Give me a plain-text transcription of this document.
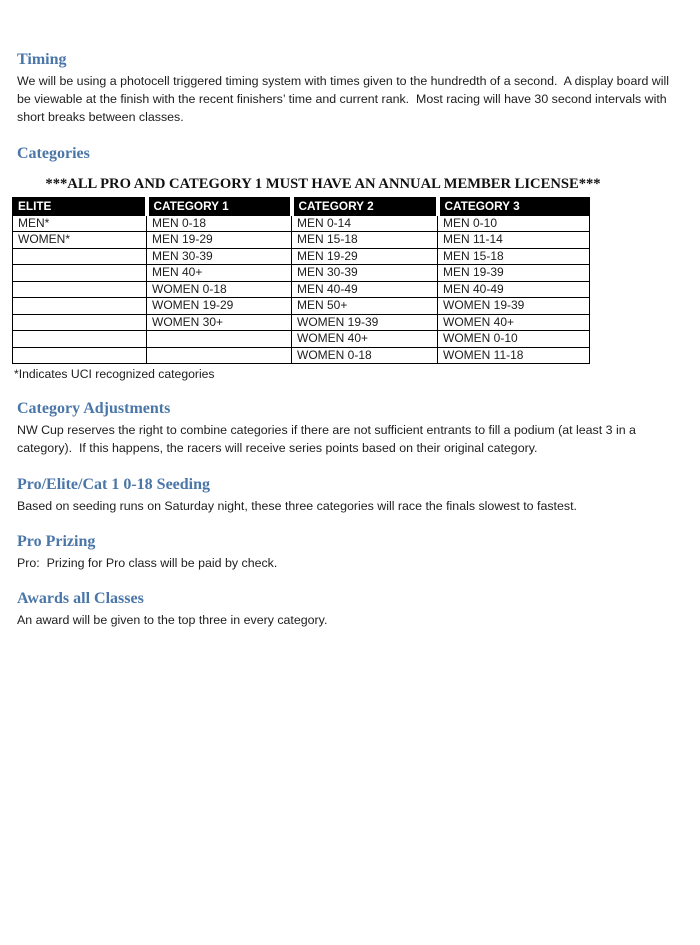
Timing

We will be using a photocell triggered timing system with times given to the hundredth of a second.  A display board will be viewable at the finish with the recent finishers’ time and current rank.  Most racing will have 30 second intervals with short breaks between classes.

Categories
***ALL PRO AND CATEGORY 1 MUST HAVE AN ANNUAL MEMBER LICENSE***
ELITE	CATEGORY 1	CATEGORY 2	CATEGORY 3
MEN*	MEN 0-18	MEN 0-14	MEN 0-10
WOMEN*	MEN 19-29	MEN 15-18	MEN 11-14
	MEN 30-39	MEN 19-29	MEN 15-18
	MEN 40+	MEN 30-39	MEN 19-39
	WOMEN 0-18	MEN 40-49	MEN 40-49
	WOMEN 19-29	MEN 50+	WOMEN 19-39
	WOMEN 30+	WOMEN 19-39	WOMEN 40+
		WOMEN 40+	WOMEN 0-10
		WOMEN 0-18	WOMEN 11-18
*Indicates UCI recognized categories
Category Adjustments

NW Cup reserves the right to combine categories if there are not sufficient entrants to fill a podium (at least 3 in a category).  If this happens, the racers will receive series points based on their original category.

Pro/Elite/Cat 1 0-18 Seeding

Based on seeding runs on Saturday night, these three categories will race the finals slowest to fastest.

Pro Prizing

Pro:  Prizing for Pro class will be paid by check.

Awards all Classes

An award will be given to the top three in every category.
